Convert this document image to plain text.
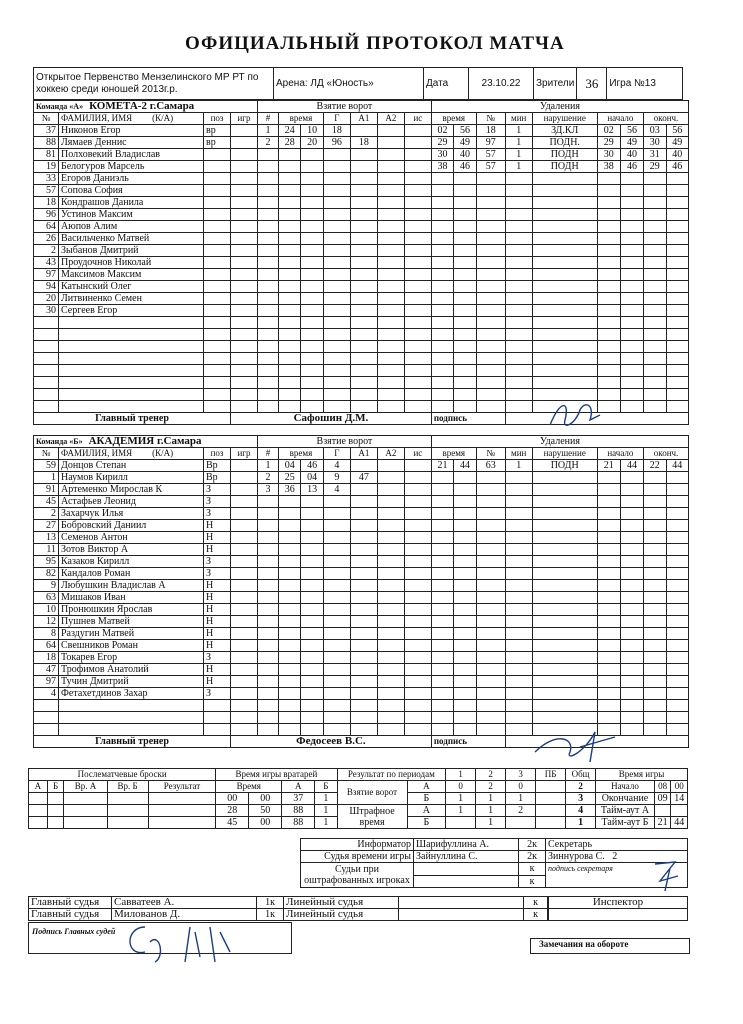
ОФИЦИАЛЬНЫЙ ПРОТОКОЛ МАТЧА
Открытое Первенство Мензелинского МР РТ по хоккею среди юношей 2013г.р.	Арена: ЛД «Юность»	Дата	23.10.22	Зрители	36	Игра №13
Команда «А» КОМЕТА-2 г.Самара				Взятие ворот							Удаления								
№	ФАМИЛИЯ, ИМЯ (К/А)	поз	игр	#	время		Г	А1	А2	ис	время		№	мин	нарушение	начало		оконч.	
37	Никонов Егор	вр		1	24	10	18				02	56	18	1	ЗД.КЛ	02	56	03	56
88	Лямаев Деннис	вр		2	28	20	96	18			29	49	97	1	ПОДН.	29	49	30	49
81	Полховекий Владислав										30	40	57	1	ПОДН	30	40	31	40
19	Белогуров Марсель										38	46	57	1	ПОДН	38	46	29	46
33	Егоров Даниэль																		
57	Сопова София																		
18	Кондрашов Данила																		
96	Устинов Максим																		
64	Аюпов Алим																		
26	Васильченко Матвей																		
2	Зыбанов Дмитрий																		
43	Проудочнов Николай																		
97	Максимов Максим																		
94	Катынский Олег																		
20	Литвиненко Семен																		
30	Сергеев Егор																		

Главный тренер			Сафошин Д.М.								подпись								
Команда «Б» АКАДЕМИЯ г.Самара				Взятие ворот							Удаления								
№	ФАМИЛИЯ, ИМЯ (К/А)	поз	игр	#	время		Г	А1	А2	ис	время		№	мин	нарушение	начало		оконч.	
59	Донцов Степан	Вр		1	04	46	4				21	44	63	1	ПОДН	21	44	22	44
1	Наумов Кирилл	Вр		2	25	04	9	47											
91	Артеменко Мирослав К	З		3	36	13	4												
45	Астафьев Леонид	З																	
2	Захарчук Илья	З																	
27	Бобровский Даниил	Н																	
13	Семенов Антон	Н																	
11	Зотов Виктор А	Н																	
95	Казаков Кирилл	З																	
82	Кандалов Роман	З																	
9	Любушкин Владислав А	Н																	
63	Мишаков Иван	Н																	
10	Пронюшкин Ярослав	Н																	
12	Пушнев Матвей	Н																	
8	Раздугин Матвей	Н																	
64	Свешников Роман	Н																	
18	Токарев Егор	З																	
47	Трофимов Анатолий	Н																	
97	Тучин Дмитрий	Н																	
4	Фетахетдинов Захар	З																	

Главный тренер			Федосеев В.С.								подпись								
Послематчевые броски					Время игры вратарей				Результат по периодам		1	2	3	ПБ	Общ	Время игры		
А	Б	Вр. А	Вр. Б	Результат	Время		А	Б	Взятие ворот	А	0	2	0		2	Начало	08	00
					00	00	37	1		Б	1	1	1		3	Окончание	09	14
					28	50	88	1	Штрафное время	А	1	1	2		4	Тайм-аут А		
					45	00	88	1		Б		1			1	Тайм-аут Б	21	44
Информатор	Шарифуллина А.	2к	Секретарь
Судья времени игры	Зайнуллина С.	2к	Зиннурова С. 2
Судьи при оштрафованных игроках		к	подпись секретаря
		к	
Главный судья	Савватеев А.	1к	Линейный судья		к
Главный судья	Милованов Д.	1к	Линейный судья		к
Инспектор

Подпись Главных судей
Замечания на обороте
